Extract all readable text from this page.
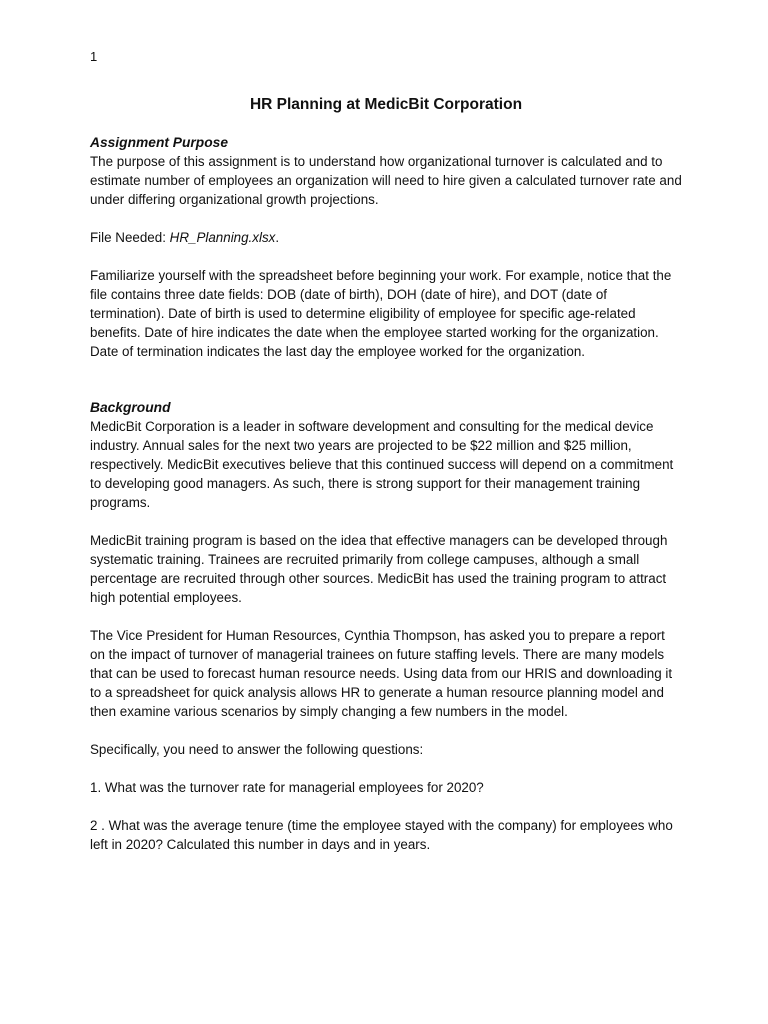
1
HR Planning at MedicBit Corporation
Assignment Purpose

The purpose of this assignment is to understand how organizational turnover is calculated and to estimate number of employees an organization will need to hire given a calculated turnover rate and under differing organizational growth projections.

File Needed: HR_Planning.xlsx.

Familiarize yourself with the spreadsheet before beginning your work. For example, notice that the file contains three date fields: DOB (date of birth), DOH (date of hire), and DOT (date of termination). Date of birth is used to determine eligibility of employee for specific age-related benefits. Date of hire indicates the date when the employee started working for the organization. Date of termination indicates the last day the employee worked for the organization.

Background

MedicBit Corporation is a leader in software development and consulting for the medical device industry. Annual sales for the next two years are projected to be $22 million and $25 million, respectively. MedicBit executives believe that this continued success will depend on a commitment to developing good managers. As such, there is strong support for their management training programs.

MedicBit training program is based on the idea that effective managers can be developed through systematic training. Trainees are recruited primarily from college campuses, although a small percentage are recruited through other sources. MedicBit has used the training program to attract high potential employees.

The Vice President for Human Resources, Cynthia Thompson, has asked you to prepare a report on the impact of turnover of managerial trainees on future staffing levels. There are many models that can be used to forecast human resource needs. Using data from our HRIS and downloading it to a spreadsheet for quick analysis allows HR to generate a human resource planning model and then examine various scenarios by simply changing a few numbers in the model.

Specifically, you need to answer the following questions:

1. What was the turnover rate for managerial employees for 2020?

2 . What was the average tenure (time the employee stayed with the company) for employees who left in 2020? Calculated this number in days and in years.
